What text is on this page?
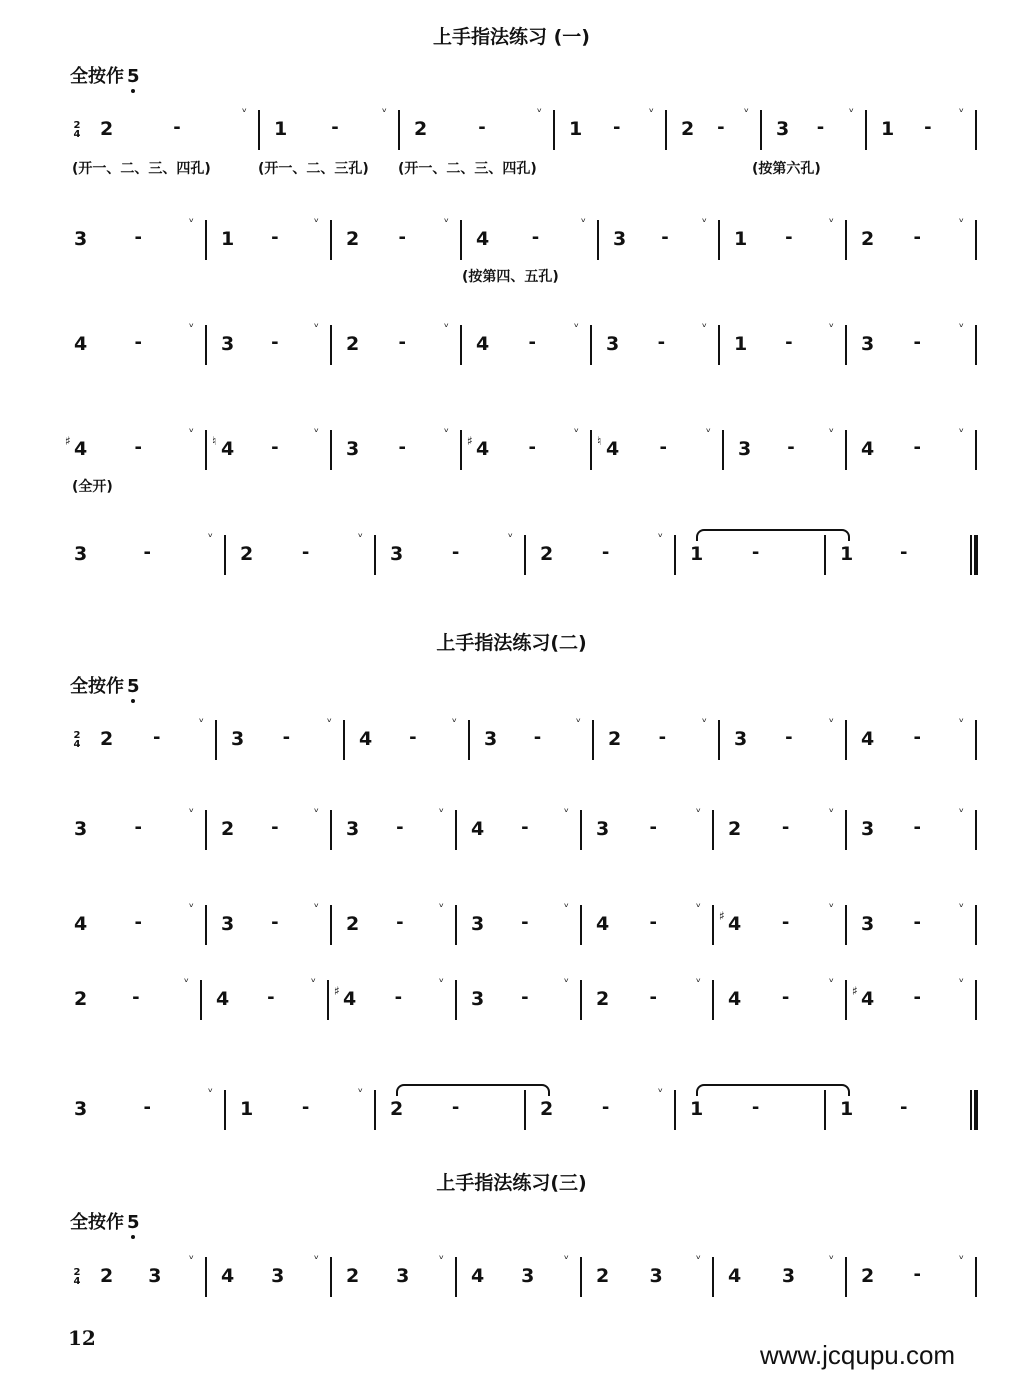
上手指法练习 (一)
全按作 5
2
4 2	-
ᵛ
1 -
ᵛ
2	-
ᵛ
1 -
ᵛ
2 -
ᵛ
3 -
ᵛ
1 -
ᵛ
(开一、二、三、四孔)	(开一、二、三孔) (开一、二、三、四孔)	(按第六孔)
3	-
ᵛ
1 -
ᵛ
2 -
ᵛ
4 -
ᵛ
3 -
ᵛ
1 -
ᵛ
2 -
ᵛ
(按第四、五孔)
4	-
ᵛ
3 -
ᵛ
2 -
ᵛ
4 -
ᵛ
3 -
ᵛ
1 -
ᵛ
3 -
ᵛ
♯ 4	-
ᵛ
♮ 4 -
ᵛ
3 -
ᵛ
♯ 4 -
ᵛ
♮ 4 -
ᵛ
3 -
ᵛ
4 -
ᵛ
(全开)
3	-
ᵛ
2	-
ᵛ
3	-
ᵛ
2	-
ᵛ
1	-	1	-
上手指法练习(二)
全按作 5
2
4 2 -
ᵛ
3 -
ᵛ
4 -
ᵛ
3 -
ᵛ
2 -
ᵛ
3 -
ᵛ
4 -
ᵛ
3	-
ᵛ
2 -
ᵛ
3 -
ᵛ
4 -
ᵛ
3 -
ᵛ
2 -
ᵛ
3 -
ᵛ
4	-
ᵛ
3 -
ᵛ
2 -
ᵛ
3 -
ᵛ
4 -
ᵛ
♯ 4 -
ᵛ
3 -
ᵛ
2 -
ᵛ
4 -
ᵛ
♯ 4 -
ᵛ
3 -
ᵛ
2 -
ᵛ
4 -
ᵛ
♯ 4 -
ᵛ
3	-
ᵛ
1	-
ᵛ
2	-	2	-
ᵛ
1	-	1	-
上手指法练习(三)
全按作 5
2
4 2 3
ᵛ
4 3
ᵛ
2 3
ᵛ
4 3
ᵛ
2 3
ᵛ
4 3
ᵛ
2 -
ᵛ
12
www.jcqupu.com
